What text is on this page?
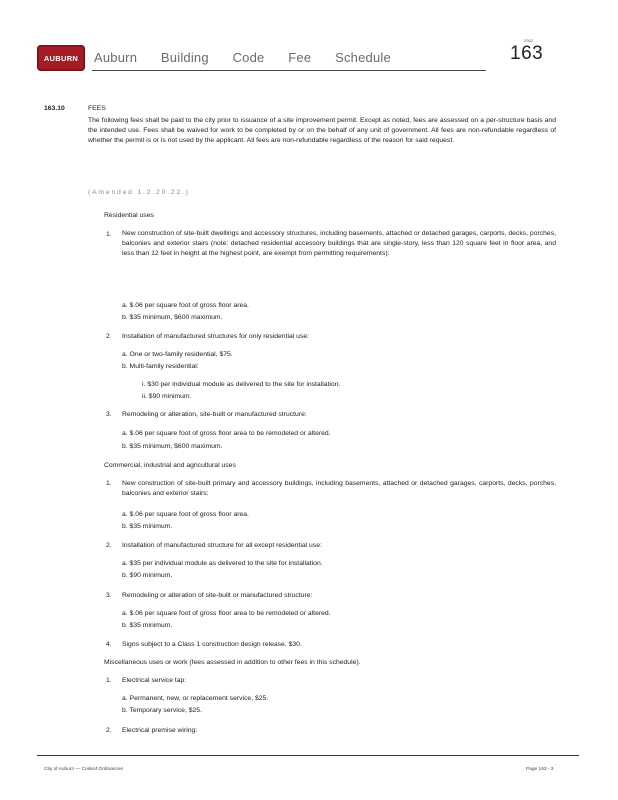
AUBURN Auburn Building Code Fee Schedule
2002
163
163.10	FEES
The following fees shall be paid to the city prior to issuance of a site improvement permit. Except as noted, fees are assessed on a per-structure basis and the intended use. Fees shall be waived for work to be completed by or on the behalf of any unit of government. All fees are non-refundable regardless of whether the permit is or is not used by the applicant. All fees are non-refundable regardless of the reason for said request.
(Amended 1.2.20.22.)
Residential uses
1. New construction of site-built dwellings and accessory structures, including basements, attached or detached garages, carports, decks, porches, balconies and exterior stairs (note: detached residential accessory buildings that are single-story, less than 120 square feet in floor area, and less than 12 feet in height at the highest point, are exempt from permitting requirements):
a. $.06 per square foot of gross floor area.
b. $35 minimum, $600 maximum.
2. Installation of manufactured structures for only residential use:
a. One or two-family residential, $75.
b. Multi-family residential:
i. $30 per individual module as delivered to the site for installation.
ii. $90 minimum.
3. Remodeling or alteration, site-built or manufactured structure:
a. $.06 per square foot of gross floor area to be remodeled or altered.
b. $35 minimum, $600 maximum.
Commercial, industrial and agricultural uses
1. New construction of site-built primary and accessory buildings, including basements, attached or detached garages, carports, decks, porches, balconies and exterior stairs:
a. $.06 per square foot of gross floor area.
b. $35 minimum.
2. Installation of manufactured structure for all except residential use:
a. $35 per individual module as delivered to the site for installation.
b. $90 minimum.
3. Remodeling or alteration of site-built or manufactured structure:
a. $.06 per square foot of gross floor area to be remodeled or altered.
b. $35 minimum.
4. Signs subject to a Class 1 construction design release, $30.
Miscellaneous uses or work (fees assessed in addition to other fees in this schedule).
1. Electrical service tap:
a. Permanent, new, or replacement service, $25.
b. Temporary service, $25.
2. Electrical premise wiring:
City of Auburn — Codeof Ordinances	Page 163 - 3
